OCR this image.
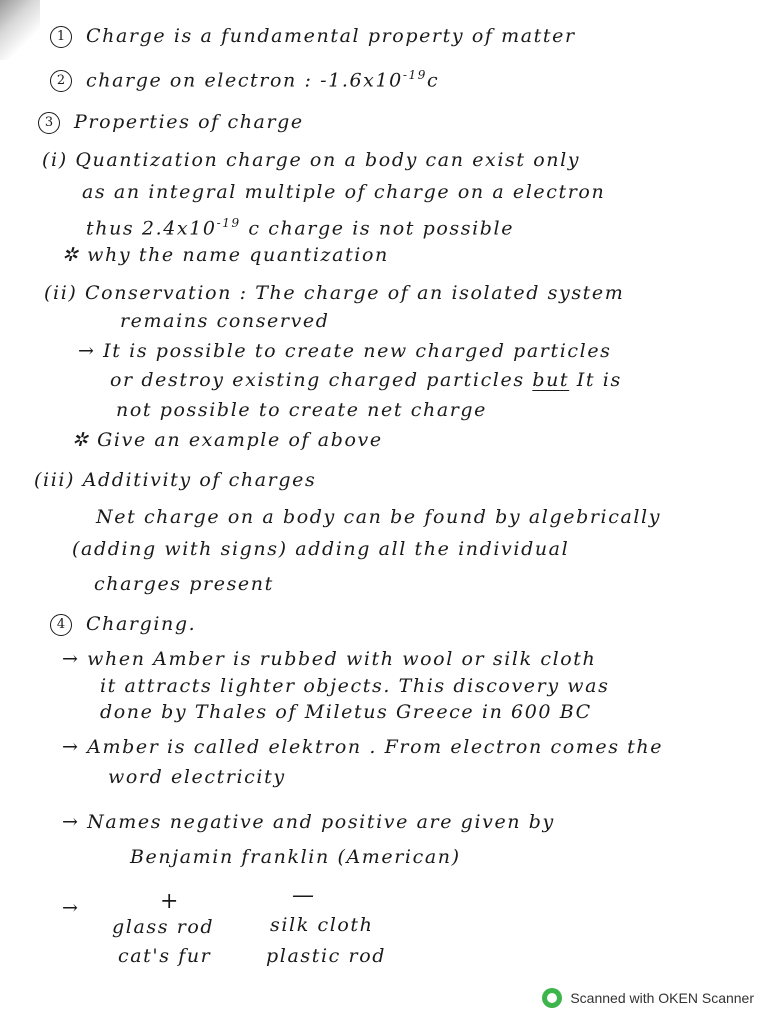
1 Charge is a fundamental property of matter
2 charge on electron : $-1.6x10^{-19}c$
3 Properties of charge
(i) Quantization charge on a body can exist only
as an integral multiple of charge on a electron
thus $2.4x10^{-19}$ c charge is not possible
✲ why the name quantization
(ii) Conservation : The charge of an isolated system
remains conserved
→ It is possible to create new charged particles
or destroy existing charged particles but It is
not possible to create net charge
✲ Give an example of above
(iii) Additivity of charges
Net charge on a body can be found by algebrically
(adding with signs) adding all the individual
charges present
4 Charging.
→ when Amber is rubbed with wool or silk cloth
it attracts lighter objects. This discovery was
done by Thales of Miletus Greece in 600 BC
→ Amber is called elektron . From electron comes the
word electricity
→ Names negative and positive are given by
Benjamin franklin (American)
→	+	—
glass rod
cat's fur
silk cloth
plastic rod
Scanned with OKEN Scanner
